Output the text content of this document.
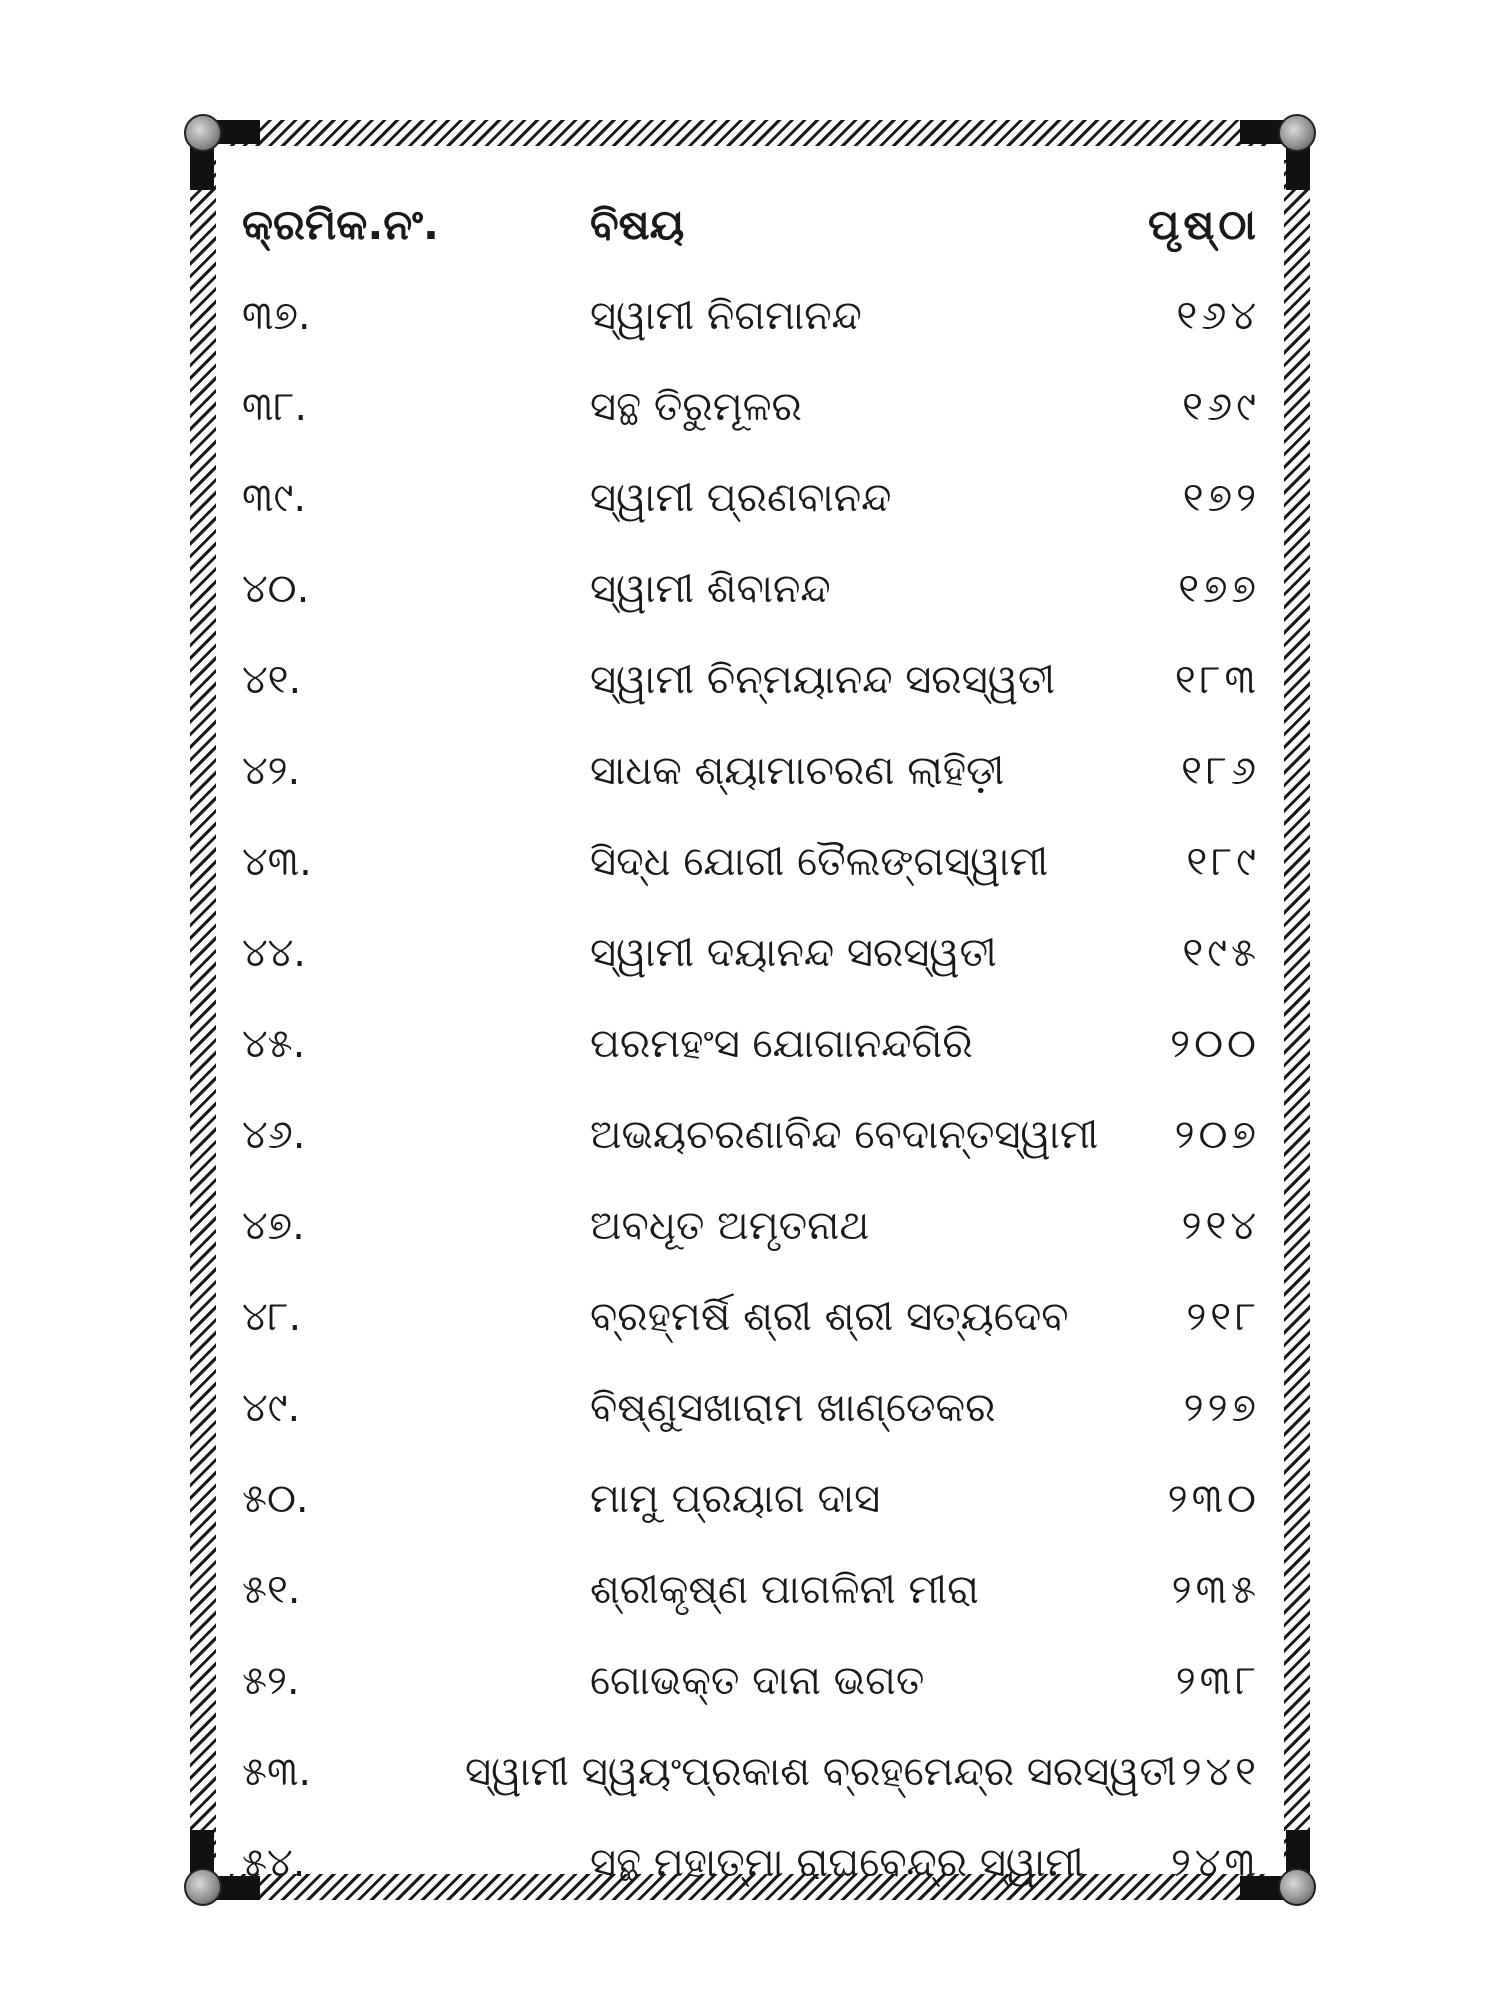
କ୍ରମିକ.ନଂ.	ବିଷୟ	ପୃଷ୍ଠା
୩୭.	ସ୍ୱାମୀ ନିଗମାନନ୍ଦ	୧୬୪
୩୮.	ସନ୍ଥ ତିରୁମୂଳର	୧୬୯
୩୯.	ସ୍ୱାମୀ ପ୍ରଣବାନନ୍ଦ	୧୭୨
୪୦.	ସ୍ୱାମୀ ଶିବାନନ୍ଦ	୧୭୭
୪୧.	ସ୍ୱାମୀ ଚିନ୍ମୟାନନ୍ଦ ସରସ୍ୱତୀ	୧୮୩
୪୨.	ସାଧକ ଶ୍ୟାମାଚରଣ ଲାହିଡ଼ୀ	୧୮୬
୪୩.	ସିଦ୍ଧ ଯୋଗୀ ତୈଲଙ୍ଗସ୍ୱାମୀ	୧୮୯
୪୪.	ସ୍ୱାମୀ ଦୟାନନ୍ଦ ସରସ୍ୱତୀ	୧୯୫
୪୫.	ପରମହଂସ ଯୋଗାନନ୍ଦଗିରି	୨୦୦
୪୬.	ଅଭୟଚରଣାବିନ୍ଦ ବେଦାନ୍ତସ୍ୱାମୀ	୨୦୭
୪୭.	ଅବଧୂତ ଅମୃତନାଥ	୨୧୪
୪୮.	ବ୍ରହ୍ମର୍ଷି ଶ୍ରୀ ଶ୍ରୀ ସତ୍ୟଦେବ	୨୧୮
୪୯.	ବିଷ୍ଣୁସଖାରାମ ଖାଣ୍ଡେକର	୨୨୭
୫୦.	ମାମୁ ପ୍ରୟାଗ ଦାସ	୨୩୦
୫୧.	ଶ୍ରୀକୃଷ୍ଣ ପାଗଳିନୀ ମୀରା	୨୩୫
୫୨.	ଗୋଭକ୍ତ ଦାନା ଭଗତ	୨୩୮
୫୩.	ସ୍ୱାମୀ ସ୍ୱୟଂପ୍ରକାଶ ବ୍ରହ୍ମେନ୍ଦ୍ର ସରସ୍ୱତୀ ୨୪୧
୫୪.	ସନ୍ଥ ମହାତ୍ମା ରାଘବେନ୍ଦ୍ର ସ୍ୱାମୀ	୨୪୩
